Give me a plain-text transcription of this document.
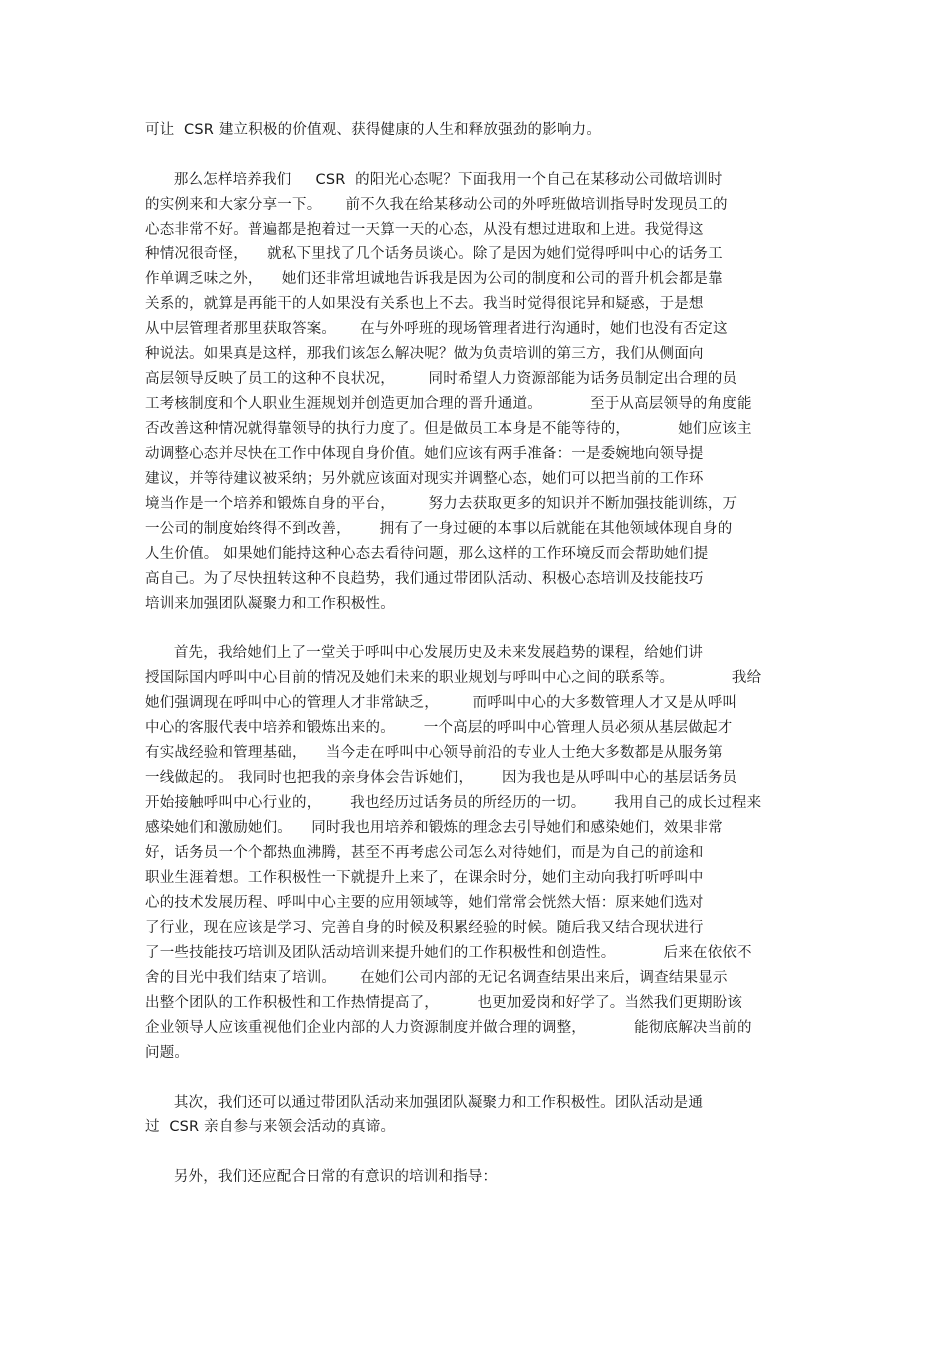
可让  CSR 建立积极的价值观、获得健康的人生和释放强劲的影响力。
那么怎样培养我们     CSR  的阳光心态呢？下面我用一个自己在某移动公司做培训时
的实例来和大家分享一下。     前不久我在给某移动公司的外呼班做培训指导时发现员工的
心态非常不好。普遍都是抱着过一天算一天的心态，从没有想过进取和上进。我觉得这
种情况很奇怪，    就私下里找了几个话务员谈心。除了是因为她们觉得呼叫中心的话务工
作单调乏味之外，    她们还非常坦诚地告诉我是因为公司的制度和公司的晋升机会都是靠
关系的，就算是再能干的人如果没有关系也上不去。我当时觉得很诧异和疑惑，于是想
从中层管理者那里获取答案。     在与外呼班的现场管理者进行沟通时，她们也没有否定这
种说法。如果真是这样，那我们该怎么解决呢？做为负责培训的第三方，我们从侧面向
高层领导反映了员工的这种不良状况，       同时希望人力资源部能为话务员制定出合理的员
工考核制度和个人职业生涯规划并创造更加合理的晋升通道。          至于从高层领导的角度能
否改善这种情况就得靠领导的执行力度了。但是做员工本身是不能等待的，          她们应该主
动调整心态并尽快在工作中体现自身价值。她们应该有两手准备：一是委婉地向领导提
建议，并等待建议被采纳；另外就应该面对现实并调整心态，她们可以把当前的工作环
境当作是一个培养和锻炼自身的平台，       努力去获取更多的知识并不断加强技能训练，万
一公司的制度始终得不到改善，      拥有了一身过硬的本事以后就能在其他领域体现自身的
人生价值。 如果她们能持这种心态去看待问题，那么这样的工作环境反而会帮助她们提
高自己。为了尽快扭转这种不良趋势，我们通过带团队活动、积极心态培训及技能技巧
培训来加强团队凝聚力和工作积极性。
首先，我给她们上了一堂关于呼叫中心发展历史及未来发展趋势的课程，给她们讲
授国际国内呼叫中心目前的情况及她们未来的职业规划与呼叫中心之间的联系等。            我给
她们强调现在呼叫中心的管理人才非常缺乏，       而呼叫中心的大多数管理人才又是从呼叫
中心的客服代表中培养和锻炼出来的。      一个高层的呼叫中心管理人员必须从基层做起才
有实战经验和管理基础，    当今走在呼叫中心领导前沿的专业人士绝大多数都是从服务第
一线做起的。 我同时也把我的亲身体会告诉她们，      因为我也是从呼叫中心的基层话务员
开始接触呼叫中心行业的，      我也经历过话务员的所经历的一切。      我用自己的成长过程来
感染她们和激励她们。    同时我也用培养和锻炼的理念去引导她们和感染她们，效果非常
好，话务员一个个都热血沸腾，甚至不再考虑公司怎么对待她们，而是为自己的前途和
职业生涯着想。工作积极性一下就提升上来了，在课余时分，她们主动向我打听呼叫中
心的技术发展历程、呼叫中心主要的应用领域等，她们常常会恍然大悟：原来她们选对
了行业，现在应该是学习、完善自身的时候及积累经验的时候。随后我又结合现状进行
了一些技能技巧培训及团队活动培训来提升她们的工作积极性和创造性。          后来在依依不
舍的目光中我们结束了培训。     在她们公司内部的无记名调查结果出来后，调查结果显示
出整个团队的工作积极性和工作热情提高了，        也更加爱岗和好学了。当然我们更期盼该
企业领导人应该重视他们企业内部的人力资源制度并做合理的调整，          能彻底解决当前的
问题。
其次，我们还可以通过带团队活动来加强团队凝聚力和工作积极性。团队活动是通
过  CSR 亲自参与来领会活动的真谛。
另外，我们还应配合日常的有意识的培训和指导：
